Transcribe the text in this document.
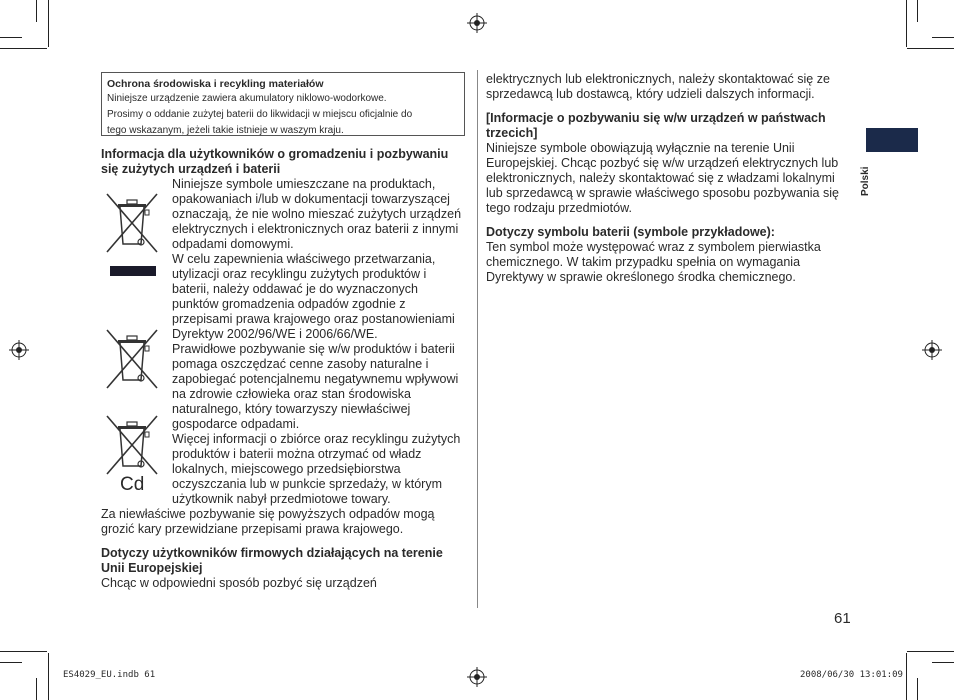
Ochrona środowiska i recykling materiałów

Niniejsze urządzenie zawiera akumulatory niklowo-wodorkowe.

Prosimy o oddanie zużytej baterii do likwidacji w miejscu oficjalnie do

tego wskazanym, jeżeli takie istnieje w waszym kraju.

Informacja dla użytkowników o gromadzeniu i pozbywaniu się zużytych urządzeń i baterii

Niniejsze symbole umieszczane na produktach, opakowaniach i/lub w dokumentacji towarzyszącej oznaczają, że nie wolno mieszać zużytych urządzeń elektrycznych i elektronicznych oraz baterii z innymi odpadami domowymi.

W celu zapewnienia właściwego przetwarzania, utylizacji oraz recyklingu zużytych produktów i baterii, należy oddawać je do wyznaczonych punktów gromadzenia odpadów zgodnie z przepisami prawa krajowego oraz postanowieniami Dyrektyw 2002/96/WE i 2006/66/WE.

Prawidłowe pozbywanie się w/w produktów i baterii pomaga oszczędzać cenne zasoby naturalne i zapobiegać potencjalnemu negatywnemu wpływowi na zdrowie człowieka oraz stan środowiska naturalnego, który towarzyszy niewłaściwej gospodarce odpadami.

Więcej informacji o zbiórce oraz recyklingu zużytych produktów i baterii można otrzymać od władz lokalnych, miejscowego przedsiębiorstwa oczyszczania lub w punkcie sprzedaży, w którym użytkownik nabył przedmiotowe towary.

Za niewłaściwe pozbywanie się powyższych odpadów mogą grozić kary przewidziane przepisami prawa krajowego.

Dotyczy użytkowników firmowych działających na terenie Unii Europejskiej

Chcąc w odpowiedni sposób pozbyć się urządzeń

Cd

elektrycznych lub elektronicznych, należy skontaktować się ze sprzedawcą lub dostawcą, który udzieli dalszych informacji.

[Informacje o pozbywaniu się w/w urządzeń w państwach trzecich]

Niniejsze symbole obowiązują wyłącznie na terenie Unii Europejskiej. Chcąc pozbyć się w/w urządzeń elektrycznych lub elektronicznych, należy skontaktować się z władzami lokalnymi lub sprzedawcą w sprawie właściwego sposobu pozbywania się tego rodzaju przedmiotów.

Dotyczy symbolu baterii (symbole przykładowe):

Ten symbol może występować wraz z symbolem pierwiastka chemicznego. W takim przypadku spełnia on wymagania Dyrektywy w sprawie określonego środka chemicznego.

Polski
61
ES4029_EU.indb 61	2008/06/30 13:01:09
